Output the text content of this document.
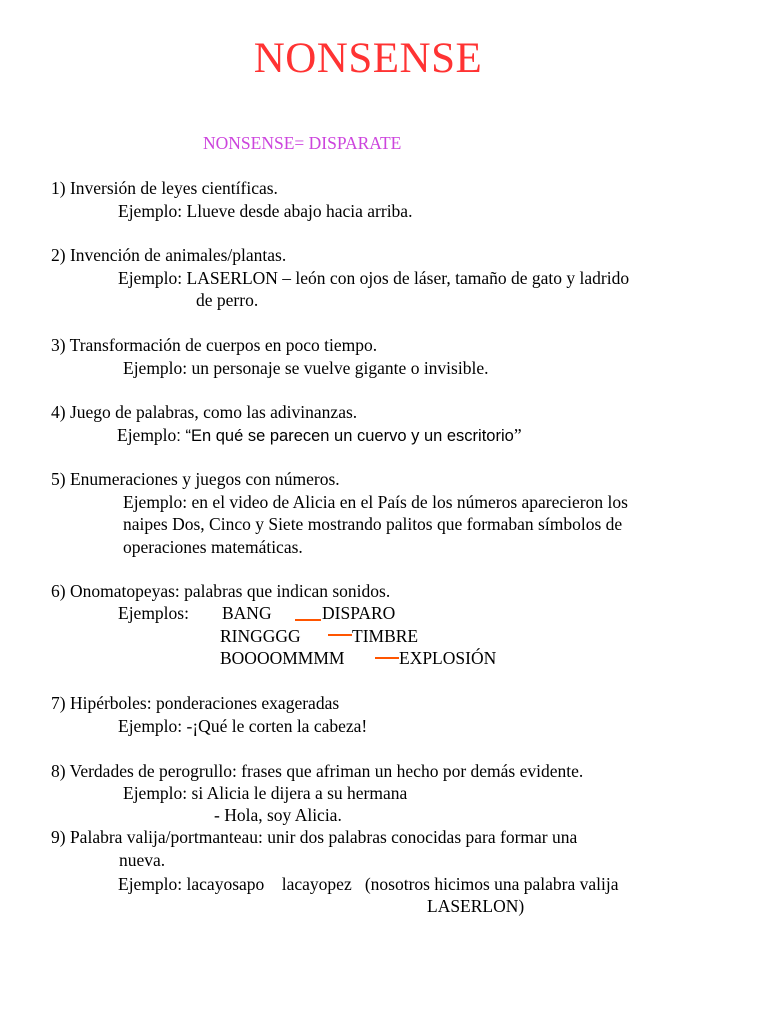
NONSENSE
NONSENSE= DISPARATE
1) Inversión de leyes científicas.
Ejemplo: Llueve desde abajo hacia arriba.
2) Invención de animales/plantas.
Ejemplo: LASERLON – león con ojos de láser, tamaño de gato y ladrido
de perro.
3) Transformación de cuerpos en poco tiempo.
Ejemplo: un personaje se vuelve gigante o invisible.
4) Juego de palabras, como las adivinanzas.
Ejemplo: “En qué se parecen un cuervo y un escritorio”
5) Enumeraciones y juegos con números.
Ejemplo: en el video de Alicia en el País de los números aparecieron los
naipes Dos, Cinco y Siete mostrando palitos que formaban símbolos de
operaciones matemáticas.
6) Onomatopeyas: palabras que indican sonidos.
Ejemplos: BANG	DISPARO
RINGGGG	TIMBRE
BOOOOMMMM	EXPLOSIÓN
7) Hipérboles: ponderaciones exageradas
Ejemplo: -¡Qué le corten la cabeza!
8) Verdades de perogrullo: frases que afriman un hecho por demás evidente.
Ejemplo: si Alicia le dijera a su hermana
- Hola, soy Alicia.
9) Palabra valija/portmanteau: unir dos palabras conocidas para formar una
nueva.
Ejemplo: lacayosapo    lacayopez   (nosotros hicimos una palabra valija
LASERLON)
